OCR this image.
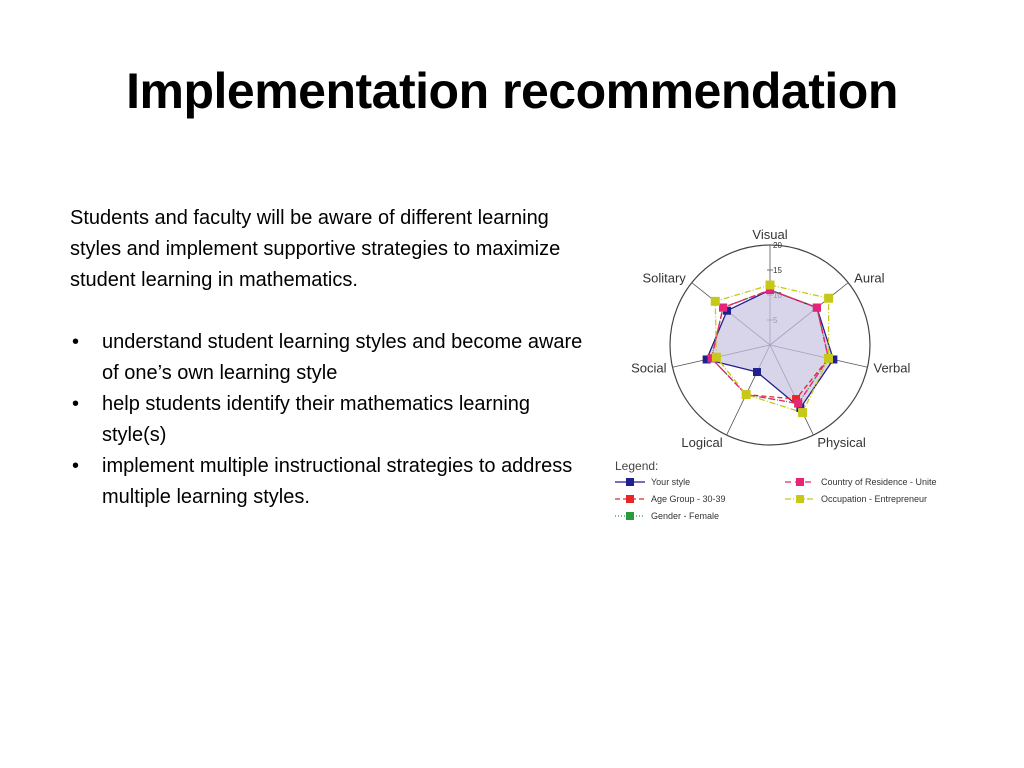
Implementation recommendation

Students and faculty will be aware of different learning styles and implement supportive strategies to maximize student learning in mathematics.

• understand student learning styles and become aware of one’s own learning style
• help students identify their mathematics learning style(s)
• implement multiple instructional strategies to address multiple learning styles.
15
20
Visual
Aural
Verbal
Physical
Logical
Social
Solitary
Legend:
Your style
Age Group - 30-39
Gender - Female
Country of Residence - Unite
Occupation - Entrepreneur
